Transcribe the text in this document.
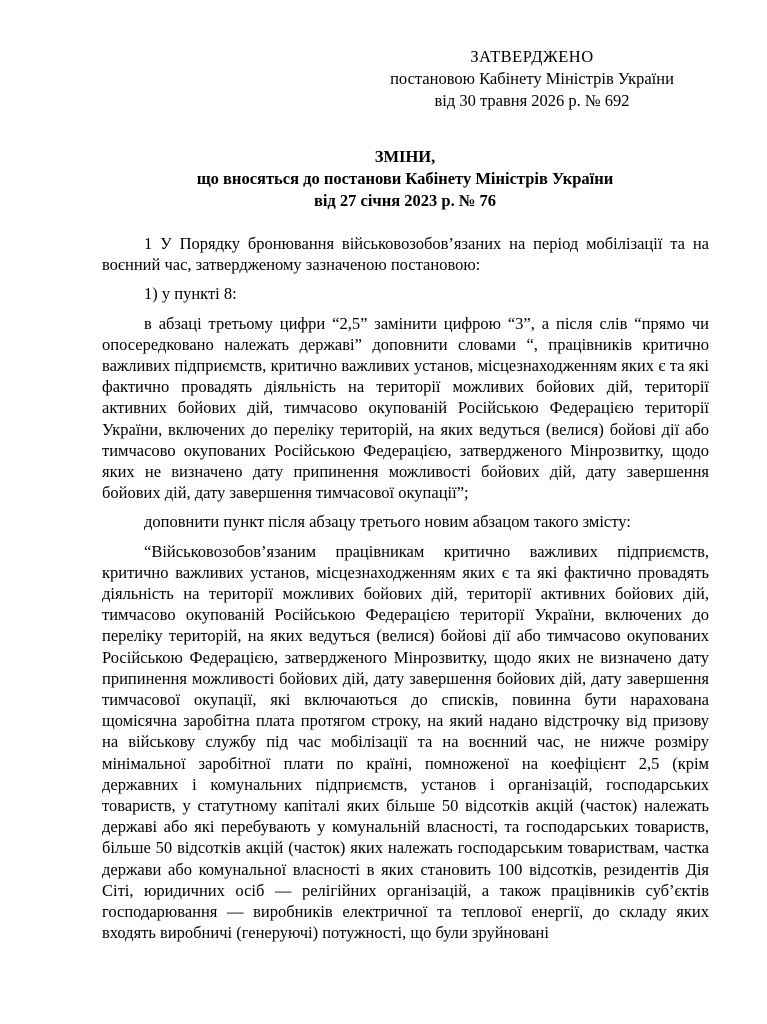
ЗАТВЕРДЖЕНО
постановою Кабінету Міністрів України
від 30 травня 2026 р. № 692
ЗМІНИ,
що вносяться до постанови Кабінету Міністрів України
від 27 січня 2023 р. № 76

1 У Порядку бронювання військовозобов’язаних на період мобілізації та на воєнний час, затвердженому зазначеною постановою:

1) у пункті 8:

в абзаці третьому цифри “2,5” замінити цифрою “3”, а після слів “прямо чи опосередковано належать державі” доповнити словами “, працівників критично важливих підприємств, критично важливих установ, місцезнаходженням яких є та які фактично провадять діяльність на території можливих бойових дій, території активних бойових дій, тимчасово окупованій Російською Федерацією території України, включених до переліку територій, на яких ведуться (велися) бойові дії або тимчасово окупованих Російською Федерацією, затвердженого Мінрозвитку, щодо яких не визначено дату припинення можливості бойових дій, дату завершення бойових дій, дату завершення тимчасової окупації”;

доповнити пункт після абзацу третього новим абзацом такого змісту:

“Військовозобов’язаним працівникам критично важливих підприємств, критично важливих установ, місцезнаходженням яких є та які фактично провадять діяльність на території можливих бойових дій, території активних бойових дій, тимчасово окупованій Російською Федерацією території України, включених до переліку територій, на яких ведуться (велися) бойові дії або тимчасово окупованих Російською Федерацією, затвердженого Мінрозвитку, щодо яких не визначено дату припинення можливості бойових дій, дату завершення бойових дій, дату завершення тимчасової окупації, які включаються до списків, повинна бути нарахована щомісячна заробітна плата протягом строку, на який надано відстрочку від призову на військову службу під час мобілізації та на воєнний час, не нижче розміру мінімальної заробітної плати по країні, помноженої на коефіцієнт 2,5 (крім державних і комунальних підприємств, установ і організацій, господарських товариств, у статутному капіталі яких більше 50 відсотків акцій (часток) належать державі або які перебувають у комунальній власності, та господарських товариств, більше 50 відсотків акцій (часток) яких належать господарським товариствам, частка держави або комунальної власності в яких становить 100 відсотків, резидентів Дія Сіті, юридичних осіб — релігійних організацій, а також працівників суб’єктів господарювання — виробників електричної та теплової енергії, до складу яких входять виробничі (генеруючі) потужності, що були зруйновані
